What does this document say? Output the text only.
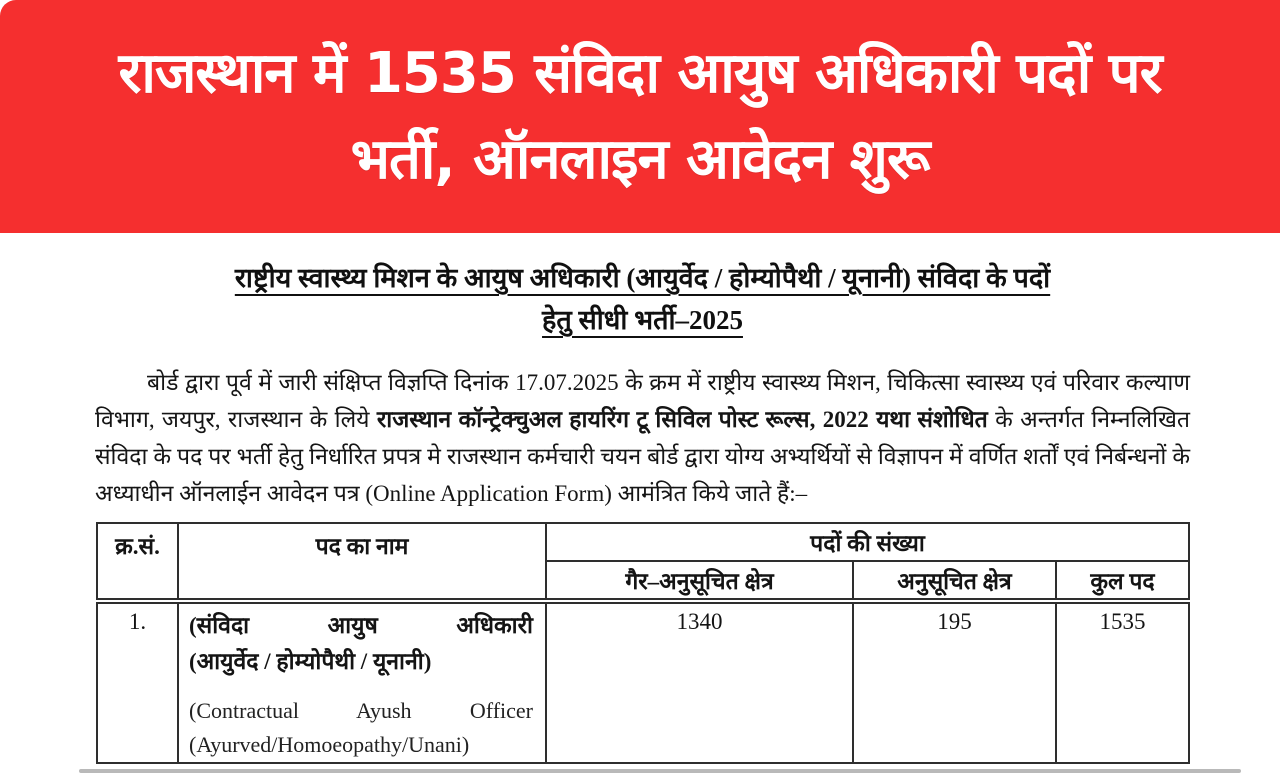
राजस्थान में 1535 संविदा आयुष अधिकारी पदों पर
भर्ती, ऑनलाइन आवेदन शुरू
राष्ट्रीय स्वास्थ्य मिशन के आयुष अधिकारी (आयुर्वेद / होम्योपैथी / यूनानी) संविदा के पदों
हेतु सीधी भर्ती–2025

बोर्ड द्वारा पूर्व में जारी संक्षिप्त विज्ञप्ति दिनांक 17.07.2025 के क्रम में राष्ट्रीय स्वास्थ्य मिशन, चिकित्सा स्वास्थ्य एवं परिवार कल्याण विभाग, जयपुर, राजस्थान के लिये राजस्थान कॉन्ट्रेक्चुअल हायरिंग टू सिविल पोस्ट रूल्स, 2022 यथा संशोधित के अन्तर्गत निम्नलिखित संविदा के पद पर भर्ती हेतु निर्धारित प्रपत्र मे राजस्थान कर्मचारी चयन बोर्ड द्वारा योग्य अभ्यर्थियों से विज्ञापन में वर्णित शर्तों एवं निर्बन्धनों के अध्याधीन ऑनलाईन आवेदन पत्र (Online Application Form) आमंत्रित किये जाते हैं:–

क्र.सं.	पद का नाम	पदों की संख्या		
		गैर–अनुसूचित क्षेत्र	अनुसूचित क्षेत्र	कुल पद
1.	(संविदा आयुष अधिकारी
(आयुर्वेद / होम्योपैथी / यूनानी)
(Contractual Ayush Officer
(Ayurved/Homoeopathy/Unani)	1340	195	1535
